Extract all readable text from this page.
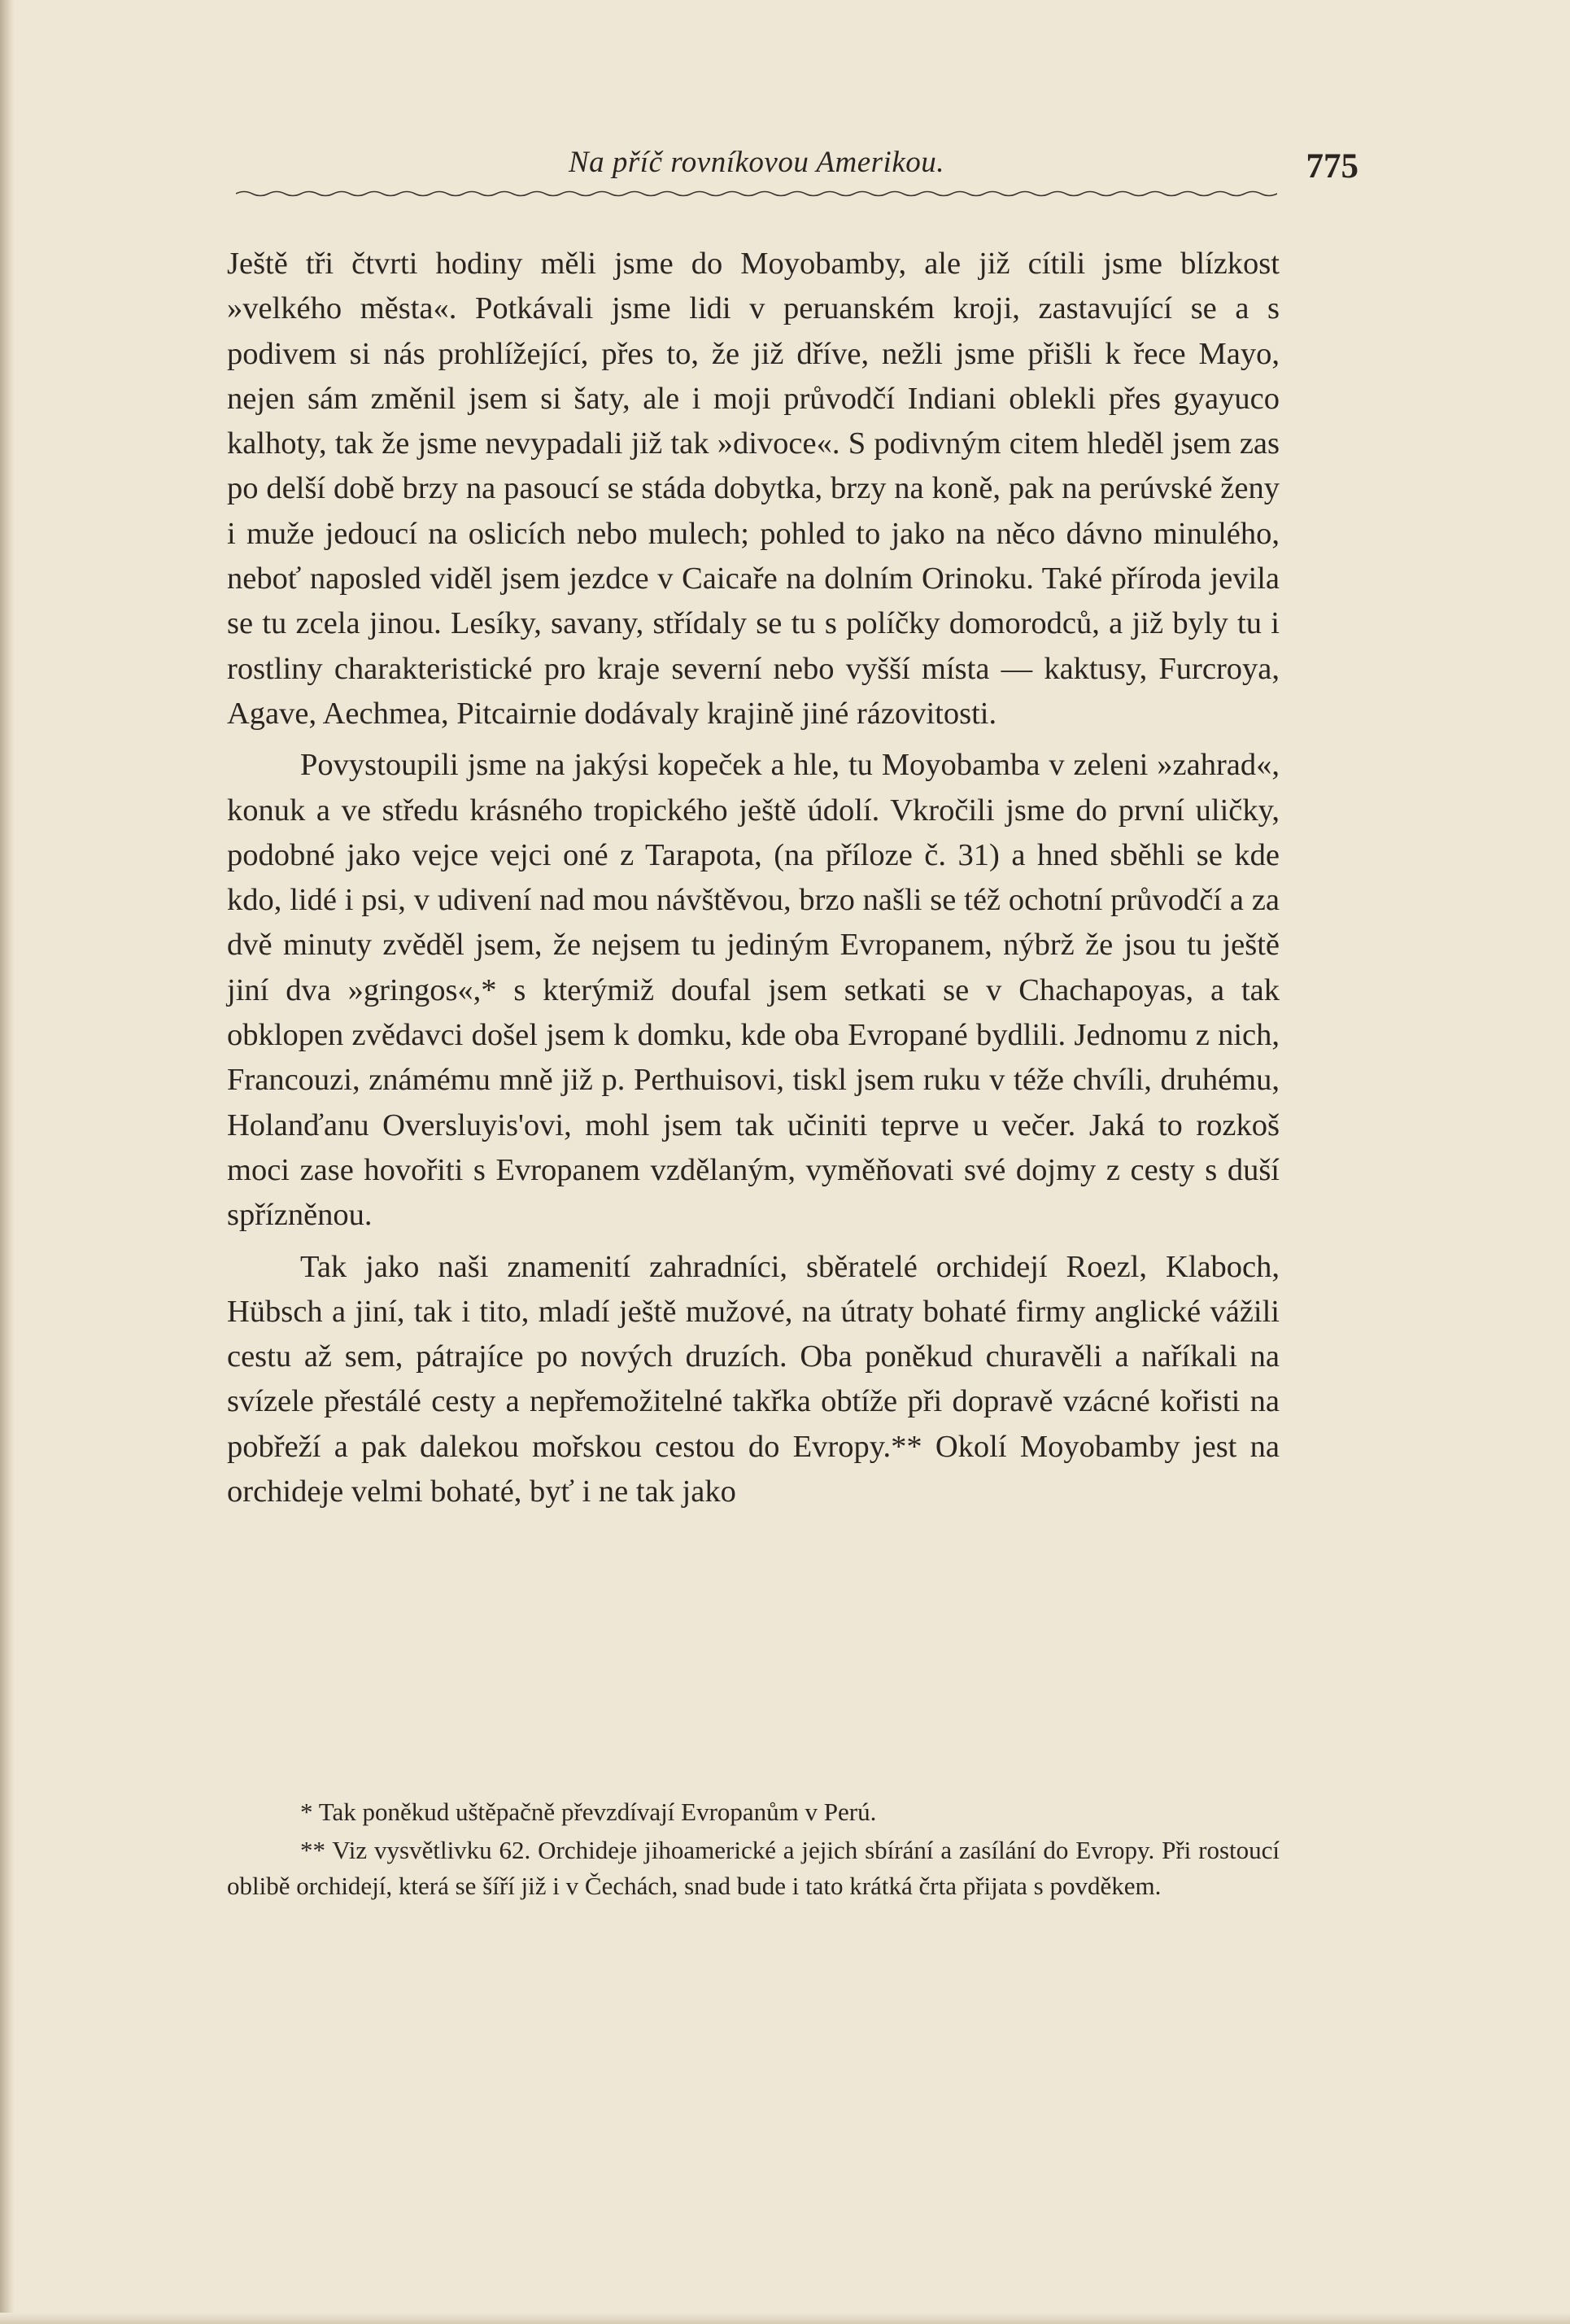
Na příč rovníkovou Amerikou.	775

Ještě tři čtvrti hodiny měli jsme do Moyobamby, ale již cítili jsme blízkost »velkého města«. Potkávali jsme lidi v peruanském kroji, zastavující se a s podivem si nás prohlížející, přes to, že již dříve, nežli jsme přišli k řece Mayo, nejen sám změnil jsem si šaty, ale i moji průvodčí Indiani oblekli přes gyayuco kalhoty, tak že jsme nevypadali již tak »divoce«. S podivným citem hleděl jsem zas po delší době brzy na pasoucí se stáda dobytka, brzy na koně, pak na perúvské ženy i muže jedoucí na oslicích nebo mulech; pohled to jako na něco dávno minulého, neboť naposled viděl jsem jezdce v Caicaře na dolním Orinoku. Také příroda jevila se tu zcela jinou. Lesíky, savany, střídaly se tu s políčky domorodců, a již byly tu i rostliny charakteristické pro kraje severní nebo vyšší místa — kaktusy, Furcroya, Agave, Aechmea, Pitcairnie dodávaly krajině jiné rázovitosti.

Povystoupili jsme na jakýsi kopeček a hle, tu Moyobamba v zeleni »zahrad«, konuk a ve středu krásného tropického ještě údolí. Vkročili jsme do první uličky, podobné jako vejce vejci oné z Tarapota, (na příloze č. 31) a hned sběhli se kde kdo, lidé i psi, v udivení nad mou návštěvou, brzo našli se též ochotní průvodčí a za dvě minuty zvěděl jsem, že nejsem tu jediným Evropanem, nýbrž že jsou tu ještě jiní dva »gringos«,* s kterýmiž doufal jsem setkati se v Chachapoyas, a tak obklopen zvědavci došel jsem k domku, kde oba Evropané bydlili. Jednomu z nich, Francouzi, známému mně již p. Perthuisovi, tiskl jsem ruku v téže chvíli, druhému, Holanďanu Oversluyis'ovi, mohl jsem tak učiniti teprve u večer. Jaká to rozkoš moci zase hovořiti s Evropanem vzdělaným, vyměňovati své dojmy z cesty s duší spřízněnou.

Tak jako naši znamenití zahradníci, sběratelé orchidejí Roezl, Klaboch, Hübsch a jiní, tak i tito, mladí ještě mužové, na útraty bohaté firmy anglické vážili cestu až sem, pátrajíce po nových druzích. Oba poněkud churavěli a naříkali na svízele přestálé cesty a nepřemožitelné takřka obtíže při dopravě vzácné kořisti na pobřeží a pak dalekou mořskou cestou do Evropy.** Okolí Moyobamby jest na orchideje velmi bohaté, byť i ne tak jako

* Tak poněkud uštěpačně převzdívají Evropanům v Perú.

** Viz vysvětlivku 62. Orchideje jihoamerické a jejich sbírání a zasílání do Evropy. Při rostoucí oblibě orchidejí, která se šíří již i v Čechách, snad bude i tato krátká črta přijata s povděkem.
